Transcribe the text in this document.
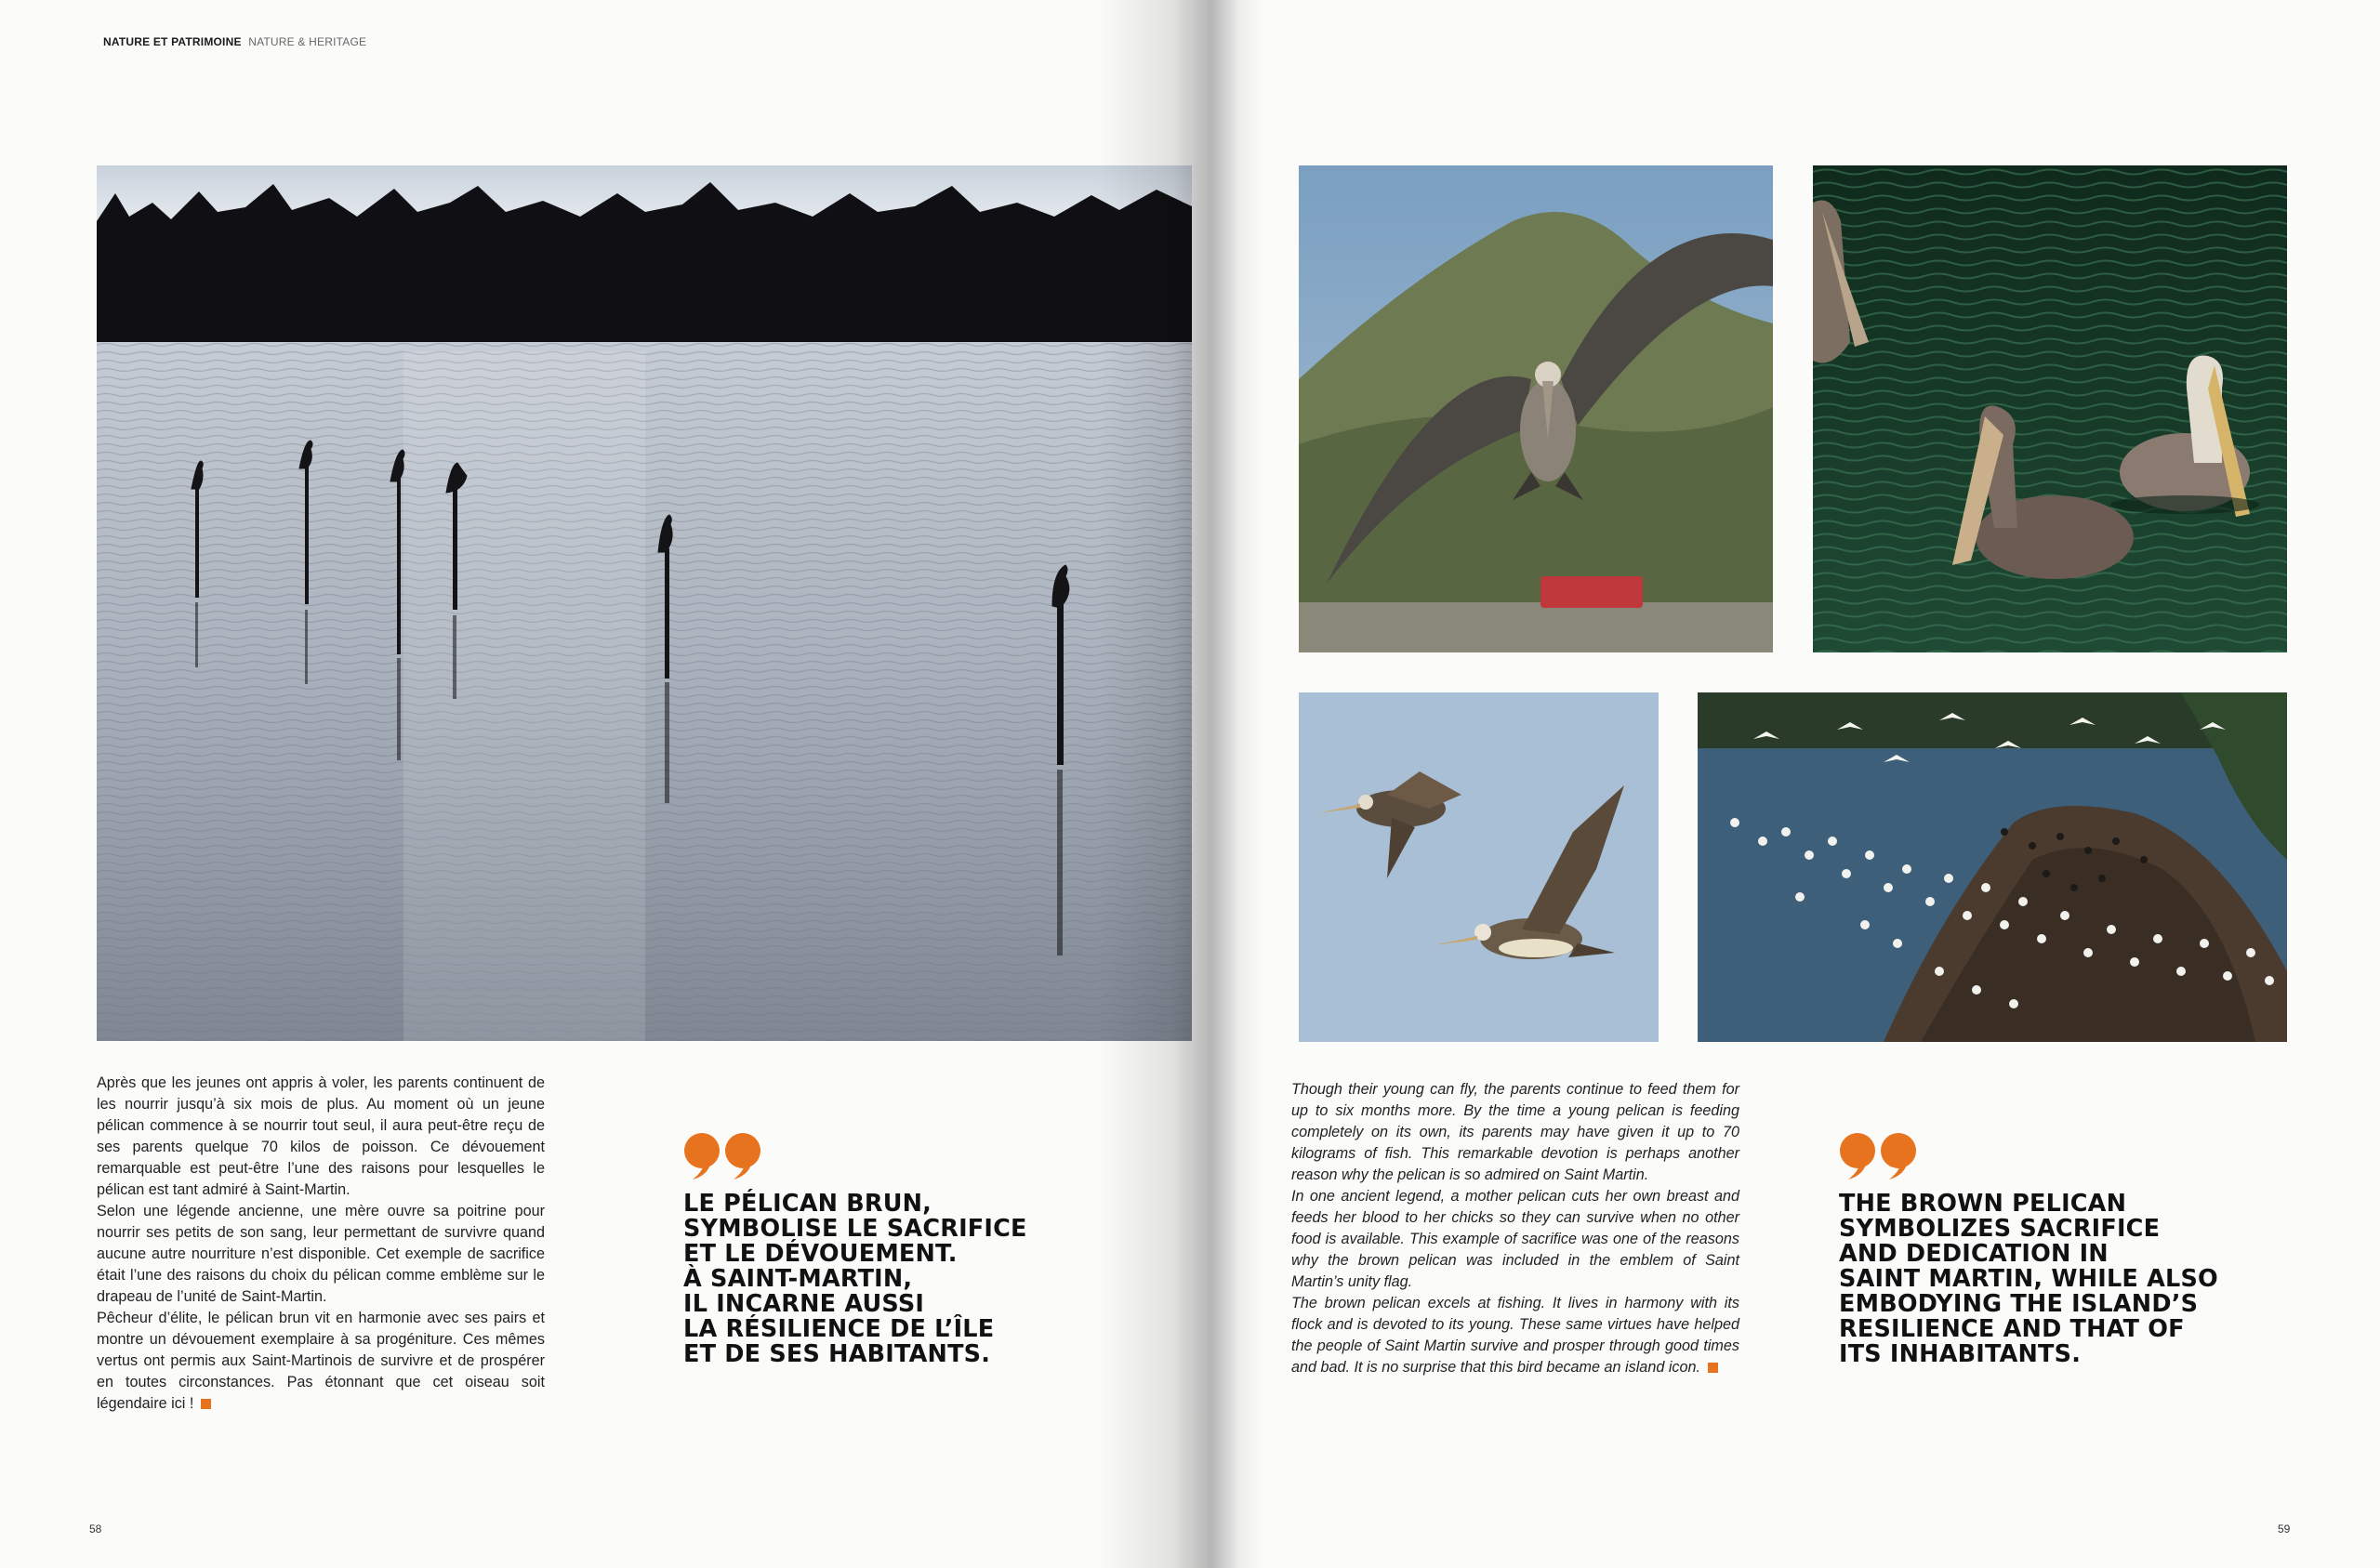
NATURE ET PATRIMOINE NATURE & HERITAGE

Après que les jeunes ont appris à voler, les parents continuent de les nourrir jusqu’à six mois de plus. Au moment où un jeune pélican commence à se nourrir tout seul, il aura peut-être reçu de ses parents quelque 70 kilos de poisson. Ce dévouement remarquable est peut-être l’une des raisons pour lesquelles le pélican est tant admiré à Saint-Martin.

Selon une légende ancienne, une mère ouvre sa poitrine pour nourrir ses petits de son sang, leur permettant de survivre quand aucune autre nourriture n’est disponible. Cet exemple de sacrifice était l’une des raisons du choix du pélican comme emblème sur le drapeau de l’unité de Saint-Martin.

Pêcheur d’élite, le pélican brun vit en harmonie avec ses pairs et montre un dévouement exemplaire à sa progéniture. Ces mêmes vertus ont permis aux Saint-Martinois de survivre et de prospérer en toutes circonstances. Pas étonnant que cet oiseau soit légendaire ici !

LE PÉLICAN BRUN,
SYMBOLISE LE SACRIFICE
ET LE DÉVOUEMENT.
À SAINT-MARTIN,
IL INCARNE AUSSI
LA RÉSILIENCE DE L’ÎLE
ET DE SES HABITANTS.
58

Though their young can fly, the parents continue to feed them for up to six months more. By the time a young pelican is feeding completely on its own, its parents may have given it up to 70 kilograms of fish. This remarkable devotion is perhaps another reason why the pelican is so admired on Saint Martin.

In one ancient legend, a mother pelican cuts her own breast and feeds her blood to her chicks so they can survive when no other food is available. This example of sacrifice was one of the reasons why the brown pelican was included in the emblem of Saint Martin’s unity flag.

The brown pelican excels at fishing. It lives in harmony with its flock and is devoted to its young. These same virtues have helped the people of Saint Martin survive and prosper through good times and bad. It is no surprise that this bird became an island icon.

THE BROWN PELICAN
SYMBOLIZES SACRIFICE
AND DEDICATION IN
SAINT MARTIN, WHILE ALSO
EMBODYING THE ISLAND’S
RESILIENCE AND THAT OF
ITS INHABITANTS.
59
